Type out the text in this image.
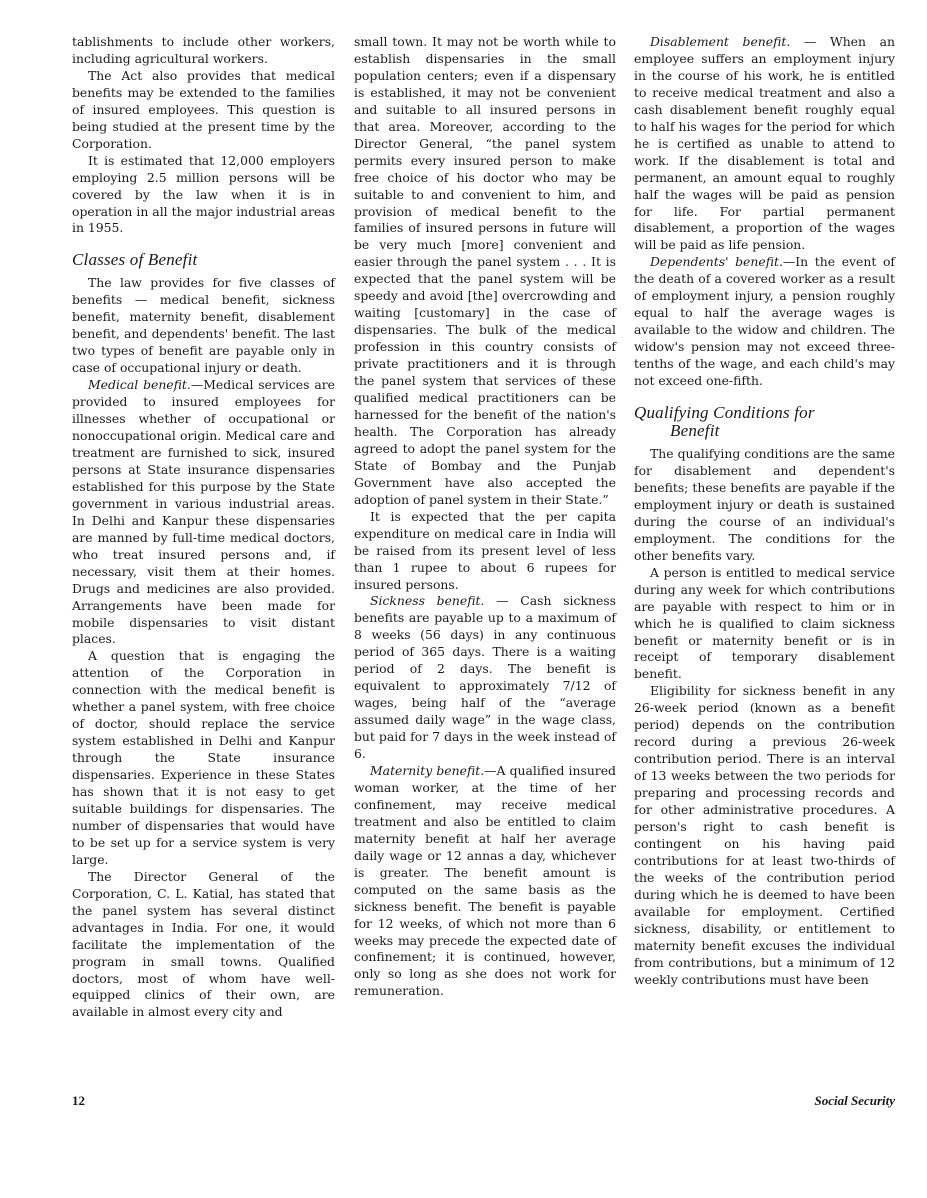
tablishments to include other workers, including agricultural workers.

The Act also provides that medical benefits may be extended to the families of insured employees. This question is being studied at the present time by the Corporation.

It is estimated that 12,000 employers employing 2.5 million persons will be covered by the law when it is in operation in all the major industrial areas in 1955.

Classes of Benefit

The law provides for five classes of benefits — medical benefit, sickness benefit, maternity benefit, disablement benefit, and dependents' benefit. The last two types of benefit are payable only in case of occupational injury or death.

Medical benefit.—Medical services are provided to insured employees for illnesses whether of occupational or nonoccupational origin. Medical care and treatment are furnished to sick, insured persons at State insurance dispensaries established for this purpose by the State government in various industrial areas. In Delhi and Kanpur these dispensaries are manned by full-time medical doctors, who treat insured persons and, if necessary, visit them at their homes. Drugs and medicines are also provided. Arrangements have been made for mobile dispensaries to visit distant places.

A question that is engaging the attention of the Corporation in connection with the medical benefit is whether a panel system, with free choice of doctor, should replace the service system established in Delhi and Kanpur through the State insurance dispensaries. Experience in these States has shown that it is not easy to get suitable buildings for dispensaries. The number of dispensaries that would have to be set up for a service system is very large.

The Director General of the Corporation, C. L. Katial, has stated that the panel system has several distinct advantages in India. For one, it would facilitate the implementation of the program in small towns. Qualified doctors, most of whom have well-equipped clinics of their own, are available in almost every city and

small town. It may not be worth while to establish dispensaries in the small population centers; even if a dispensary is established, it may not be convenient and suitable to all insured persons in that area. Moreover, according to the Director General, “the panel system permits every insured person to make free choice of his doctor who may be suitable to and convenient to him, and provision of medical benefit to the families of insured persons in future will be very much [more] convenient and easier through the panel system . . . It is expected that the panel system will be speedy and avoid [the] overcrowding and waiting [customary] in the case of dispensaries. The bulk of the medical profession in this country consists of private practitioners and it is through the panel system that services of these qualified medical practitioners can be harnessed for the benefit of the nation's health. The Corporation has already agreed to adopt the panel system for the State of Bombay and the Punjab Government have also accepted the adoption of panel system in their State.”

It is expected that the per capita expenditure on medical care in India will be raised from its present level of less than 1 rupee to about 6 rupees for insured persons.

Sickness benefit. — Cash sickness benefits are payable up to a maximum of 8 weeks (56 days) in any continuous period of 365 days. There is a waiting period of 2 days. The benefit is equivalent to approximately 7/12 of wages, being half of the “average assumed daily wage” in the wage class, but paid for 7 days in the week instead of 6.

Maternity benefit.—A qualified insured woman worker, at the time of her confinement, may receive medical treatment and also be entitled to claim maternity benefit at half her average daily wage or 12 annas a day, whichever is greater. The benefit amount is computed on the same basis as the sickness benefit. The benefit is payable for 12 weeks, of which not more than 6 weeks may precede the expected date of confinement; it is continued, however, only so long as she does not work for remuneration.

Disablement benefit. — When an employee suffers an employment injury in the course of his work, he is entitled to receive medical treatment and also a cash disablement benefit roughly equal to half his wages for the period for which he is certified as unable to attend to work. If the disablement is total and permanent, an amount equal to roughly half the wages will be paid as pension for life. For partial permanent disablement, a proportion of the wages will be paid as life pension.

Dependents' benefit.—In the event of the death of a covered worker as a result of employment injury, a pension roughly equal to half the average wages is available to the widow and children. The widow's pension may not exceed three-tenths of the wage, and each child's may not exceed one-fifth.

Qualifying Conditions for
Benefit

The qualifying conditions are the same for disablement and dependent's benefits; these benefits are payable if the employment injury or death is sustained during the course of an individual's employment. The conditions for the other benefits vary.

A person is entitled to medical service during any week for which contributions are payable with respect to him or in which he is qualified to claim sickness benefit or maternity benefit or is in receipt of temporary disablement benefit.

Eligibility for sickness benefit in any 26-week period (known as a benefit period) depends on the contribution record during a previous 26-week contribution period. There is an interval of 13 weeks between the two periods for preparing and processing records and for other administrative procedures. A person's right to cash benefit is contingent on his having paid contributions for at least two-thirds of the weeks of the contribution period during which he is deemed to have been available for employment. Certified sickness, disability, or entitlement to maternity benefit excuses the individual from contributions, but a minimum of 12 weekly contributions must have been

12	Social Security
